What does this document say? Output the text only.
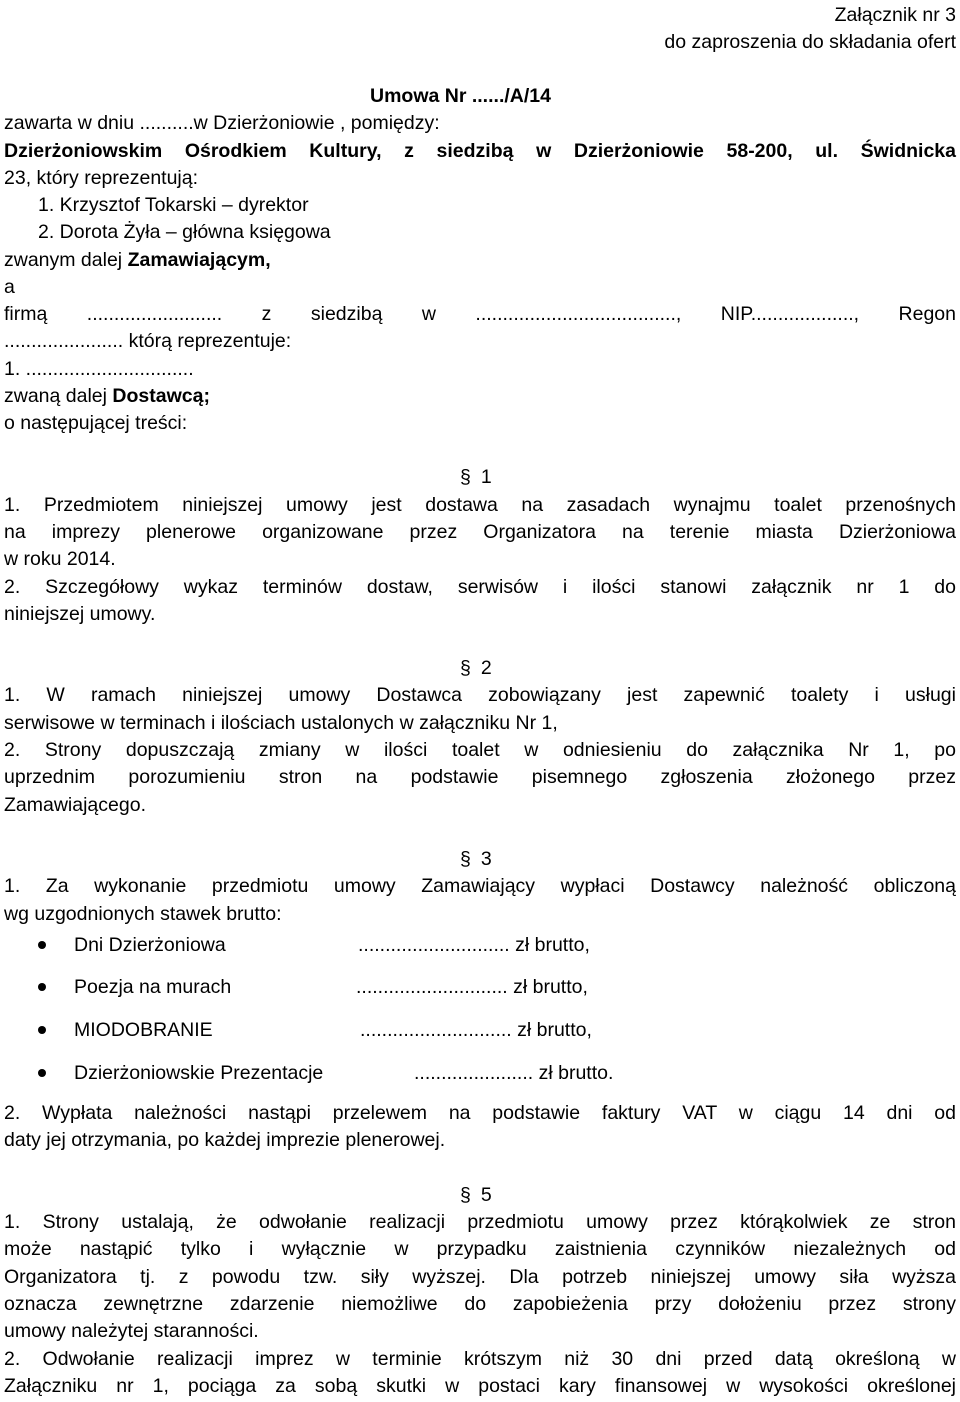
Załącznik nr 3
do zaproszenia do składania ofert
Umowa Nr ....../A/14
zawarta w dniu ..........w Dzierżoniowie , pomiędzy:
Dzierżoniowskim Ośrodkiem Kultury, z siedzibą w Dzierżoniowie 58-200, ul. Świdnicka
23, który reprezentują:
1. Krzysztof Tokarski – dyrektor
2. Dorota Żyła – główna księgowa
zwanym dalej Zamawiającym,
a
firmą ......................... z siedzibą w ....................................., NIP..................., Regon
...................... którą reprezentuje:
1. ...............................
zwaną dalej Dostawcą;
o następującej treści:
§ 1
1. Przedmiotem niniejszej umowy jest dostawa na zasadach wynajmu toalet przenośnych
na imprezy plenerowe organizowane przez Organizatora na terenie miasta Dzierżoniowa
w roku 2014.
2. Szczegółowy wykaz terminów dostaw, serwisów i ilości stanowi załącznik nr 1 do
niniejszej umowy.
§ 2
1. W ramach niniejszej umowy Dostawca zobowiązany jest zapewnić toalety i usługi
serwisowe w terminach i ilościach ustalonych w załączniku Nr 1,
2. Strony dopuszczają zmiany w ilości toalet w odniesieniu do załącznika Nr 1, po
uprzednim porozumieniu stron na podstawie pisemnego zgłoszenia złożonego przez
Zamawiającego.
§ 3
1. Za wykonanie przedmiotu umowy Zamawiający wypłaci Dostawcy należność obliczoną
wg uzgodnionych stawek brutto:
Dni Dzierżoniowa	............................ zł brutto,
Poezja na murach	............................ zł brutto,
MIODOBRANIE	............................ zł brutto,
Dzierżoniowskie Prezentacje	...................... zł brutto.
2. Wypłata należności nastąpi przelewem na podstawie faktury VAT w ciągu 14 dni od
daty jej otrzymania, po każdej imprezie plenerowej.
§ 5
1. Strony ustalają, że odwołanie realizacji przedmiotu umowy przez którąkolwiek ze stron
może nastąpić tylko i wyłącznie w przypadku zaistnienia czynników niezależnych od
Organizatora tj. z powodu tzw. siły wyższej. Dla potrzeb niniejszej umowy siła wyższa
oznacza zewnętrzne zdarzenie niemożliwe do zapobieżenia przy dołożeniu przez strony
umowy należytej staranności.
2. Odwołanie realizacji imprez w terminie krótszym niż 30 dni przed datą określoną w
Załączniku nr 1, pociąga za sobą skutki w postaci kary finansowej w wysokości określonej
